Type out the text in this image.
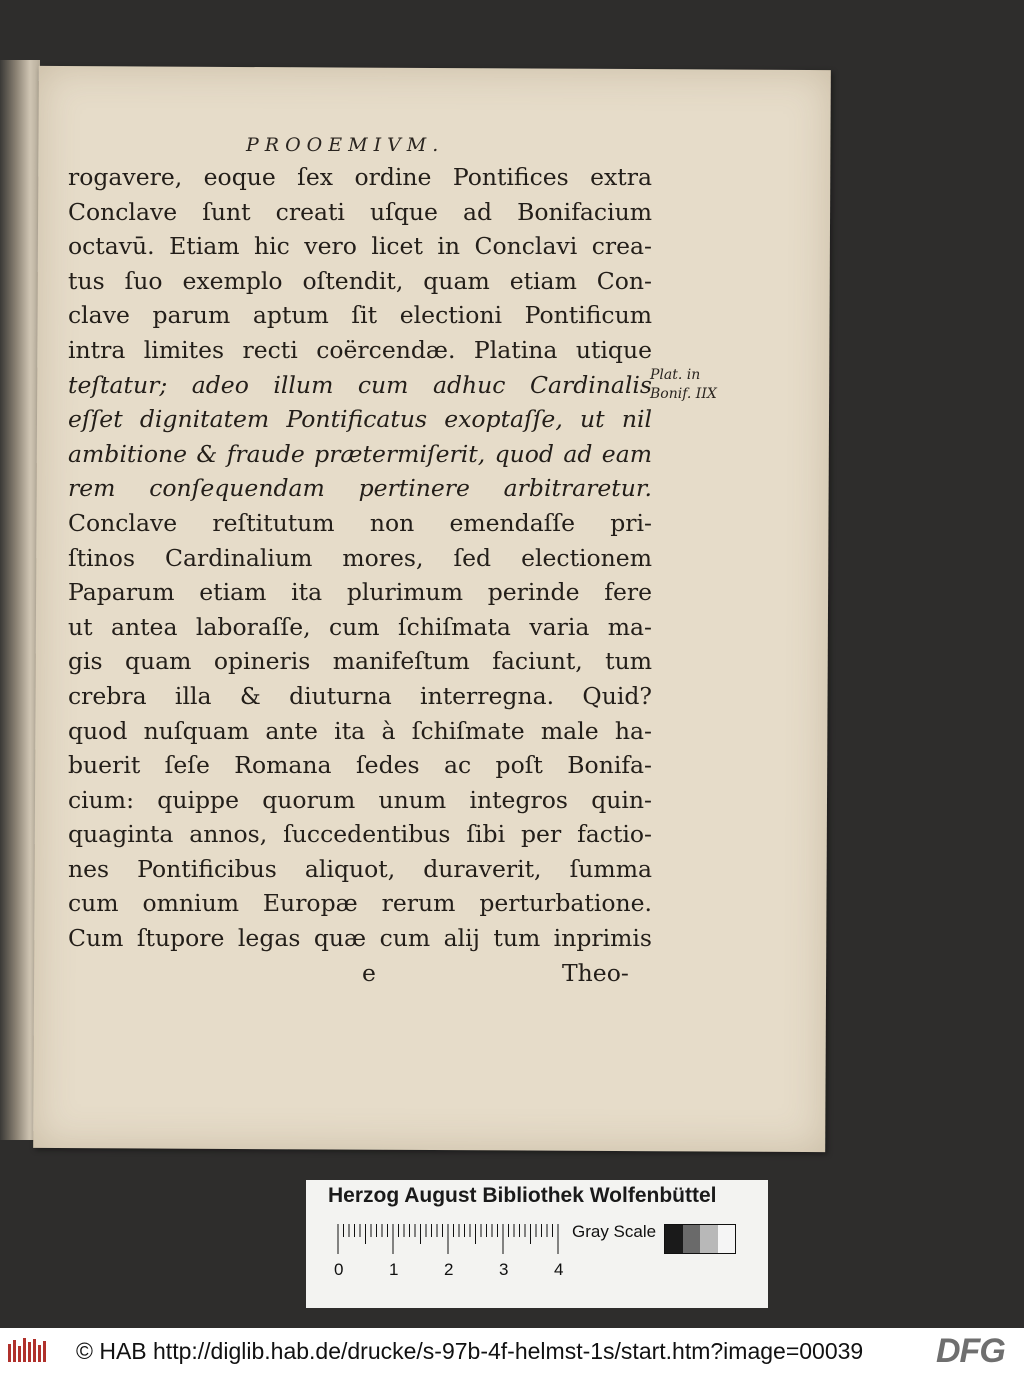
PROOEMIVM.
rogavere, eoque ſex ordine Pontifices extra
Conclave ſunt creati uſque ad Bonifacium
octavū. Etiam hic vero licet in Conclavi crea-
tus ſuo exemplo oſtendit, quam etiam Con-
clave parum aptum ſit electioni Pontificum
intra limites recti coërcendæ. Platina utique
teſtatur; adeo illum cum adhuc Cardinalis
eſſet dignitatem Pontificatus exoptaſſe, ut nil
ambitione & fraude prætermiſerit, quod ad eam
rem conſequendam pertinere arbitraretur.
Conclave reſtitutum non emendaſſe pri-
ſtinos Cardinalium mores, ſed electionem
Paparum etiam ita plurimum perinde fere
ut antea laboraſſe, cum ſchiſmata varia ma-
gis quam opineris manifeſtum faciunt, tum
crebra illa & diuturna interregna. Quid?
quod nuſquam ante ita à ſchiſmate male ha-
buerit ſeſe Romana ſedes ac poſt Bonifa-
cium: quippe quorum unum integros quin-
quaginta annos, ſuccedentibus ſibi per factio-
nes Pontificibus aliquot, duraverit, ſumma
cum omnium Europæ rerum perturbatione.
Cum ſtupore legas quæ cum alij tum inprimis
e	Theo-
Plat. in
Bonif. IIX
Herzog August Bibliothek Wolfenbüttel
0	1	2	3	4
Gray Scale
© HAB http://diglib.hab.de/drucke/s-97b-4f-helmst-1s/start.htm?image=00039 DFG
